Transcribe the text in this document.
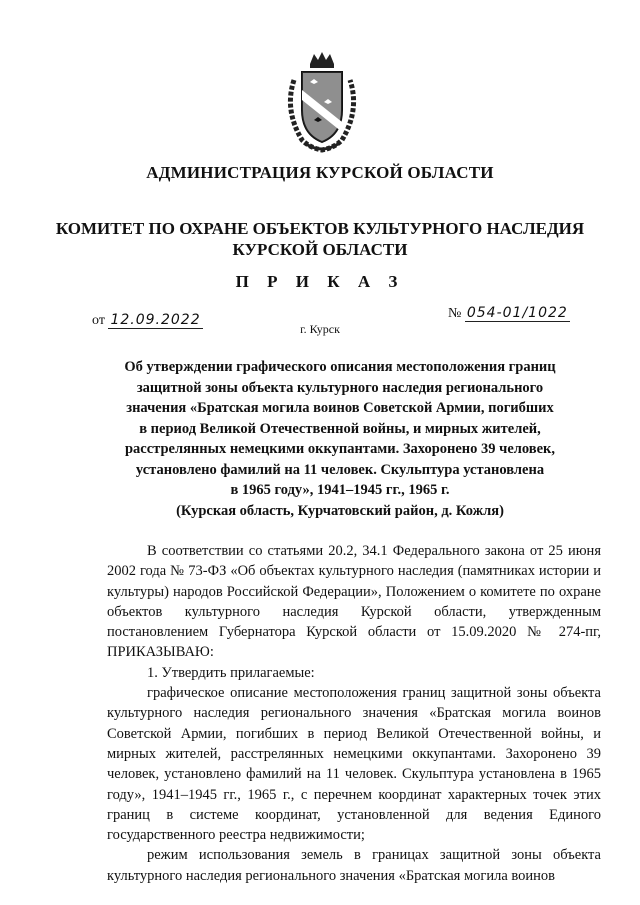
АДМИНИСТРАЦИЯ КУРСКОЙ ОБЛАСТИ
КОМИТЕТ ПО ОХРАНЕ ОБЪЕКТОВ КУЛЬТУРНОГО НАСЛЕДИЯ
КУРСКОЙ ОБЛАСТИ
П Р И К А З
от 12.09.2022	№ 054-01/1022
г. Курск
Об утверждении графического описания местоположения границ
защитной зоны объекта культурного наследия регионального
значения «Братская могила воинов Советской Армии, погибших
в период Великой Отечественной войны, и мирных жителей,
расстрелянных немецкими оккупантами. Захоронено 39 человек,
установлено фамилий на 11 человек. Скульптура установлена
в 1965 году», 1941–1945 гг., 1965 г.
(Курская область, Курчатовский район, д. Кожля)

В соответствии со статьями 20.2, 34.1 Федерального закона от 25 июня 2002 года № 73-ФЗ «Об объектах культурного наследия (памятниках истории и культуры) народов Российской Федерации», Положением о комитете по охране объектов культурного наследия Курской области, утвержденным постановлением Губернатора Курской области от 15.09.2020 № 274-пг, ПРИКАЗЫВАЮ:

1. Утвердить прилагаемые:

графическое описание местоположения границ защитной зоны объекта культурного наследия регионального значения «Братская могила воинов Советской Армии, погибших в период Великой Отечественной войны, и мирных жителей, расстрелянных немецкими оккупантами. Захоронено 39 человек, установлено фамилий на 11 человек. Скульптура установлена в 1965 году», 1941–1945 гг., 1965 г., с перечнем координат характерных точек этих границ в системе координат, установленной для ведения Единого государственного реестра недвижимости;

режим использования земель в границах защитной зоны объекта культурного наследия регионального значения «Братская могила воинов
